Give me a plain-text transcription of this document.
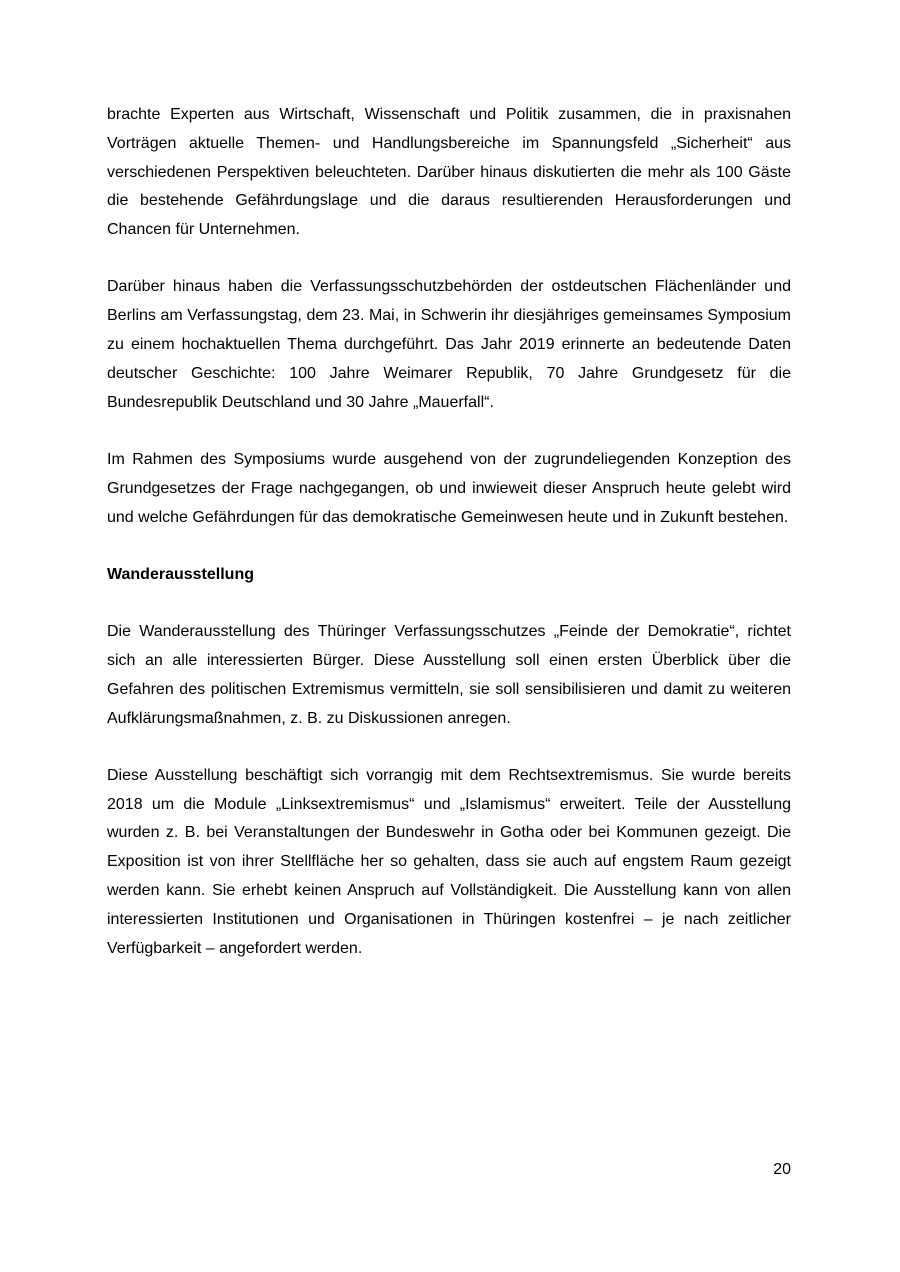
brachte Experten aus Wirtschaft, Wissenschaft und Politik zusammen, die in praxisnahen Vorträgen aktuelle Themen- und Handlungsbereiche im Spannungsfeld „Sicherheit“ aus verschiedenen Perspektiven beleuchteten. Darüber hinaus diskutierten die mehr als 100 Gäste die bestehende Gefährdungslage und die daraus resultierenden Herausforderungen und Chancen für Unternehmen.

Darüber hinaus haben die Verfassungsschutzbehörden der ostdeutschen Flächenländer und Berlins am Verfassungstag, dem 23. Mai, in Schwerin ihr diesjähriges gemeinsames Symposium zu einem hochaktuellen Thema durchgeführt. Das Jahr 2019 erinnerte an bedeutende Daten deutscher Geschichte: 100 Jahre Weimarer Republik, 70 Jahre Grundgesetz für die Bundesrepublik Deutschland und 30 Jahre „Mauerfall“.

Im Rahmen des Symposiums wurde ausgehend von der zugrundeliegenden Konzeption des Grundgesetzes der Frage nachgegangen, ob und inwieweit dieser Anspruch heute gelebt wird und welche Gefährdungen für das demokratische Gemeinwesen heute und in Zukunft bestehen.

Wanderausstellung

Die Wanderausstellung des Thüringer Verfassungsschutzes „Feinde der Demokratie“, richtet sich an alle interessierten Bürger. Diese Ausstellung soll einen ersten Überblick über die Gefahren des politischen Extremismus vermitteln, sie soll sensibilisieren und damit zu weiteren Aufklärungsmaßnahmen, z. B. zu Diskussionen anregen.

Diese Ausstellung beschäftigt sich vorrangig mit dem Rechtsextremismus. Sie wurde bereits 2018 um die Module „Linksextremismus“ und „Islamismus“ erweitert. Teile der Ausstellung wurden z. B. bei Veranstaltungen der Bundeswehr in Gotha oder bei Kommunen gezeigt. Die Exposition ist von ihrer Stellfläche her so gehalten, dass sie auch auf engstem Raum gezeigt werden kann. Sie erhebt keinen Anspruch auf Vollständigkeit. Die Ausstellung kann von allen interessierten Institutionen und Organisationen in Thüringen kostenfrei – je nach zeitlicher Verfügbarkeit – angefordert werden.

20
